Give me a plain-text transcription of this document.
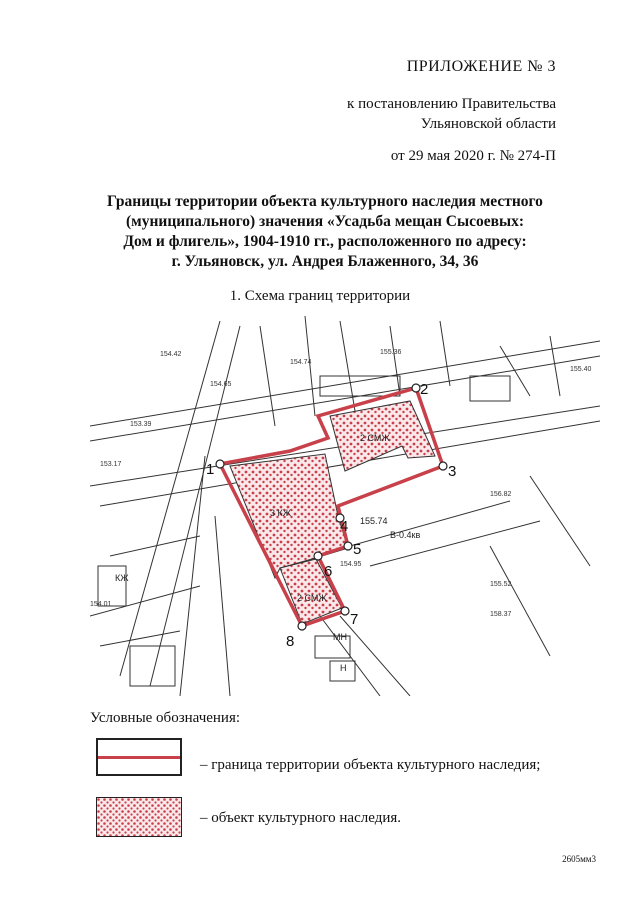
ПРИЛОЖЕНИЕ № 3
к постановлению Правительства
Ульяновской области
от 29 мая 2020 г. № 274-П
Границы территории объекта культурного наследия местного
(муниципального) значения «Усадьба мещан Сысоевых:
Дом и флигель», 1904-1910 гг., расположенного по адресу:
г. Ульяновск, ул. Андрея Блаженного, 34, 36
1. Схема границ территории
154.42
154.65
154.74
155.36
153.39
153.17
156.82
155.52
158.37
154.01
155.40
154.95
155.74
В-0.4кв
КЖ
МН
Н
1
2
3
4
5
6
7
8
3 КЖ
2 СМЖ
2 СМЖ
Условные обозначения:
– граница территории объекта культурного наследия;
– объект культурного наследия.
2605мм3
